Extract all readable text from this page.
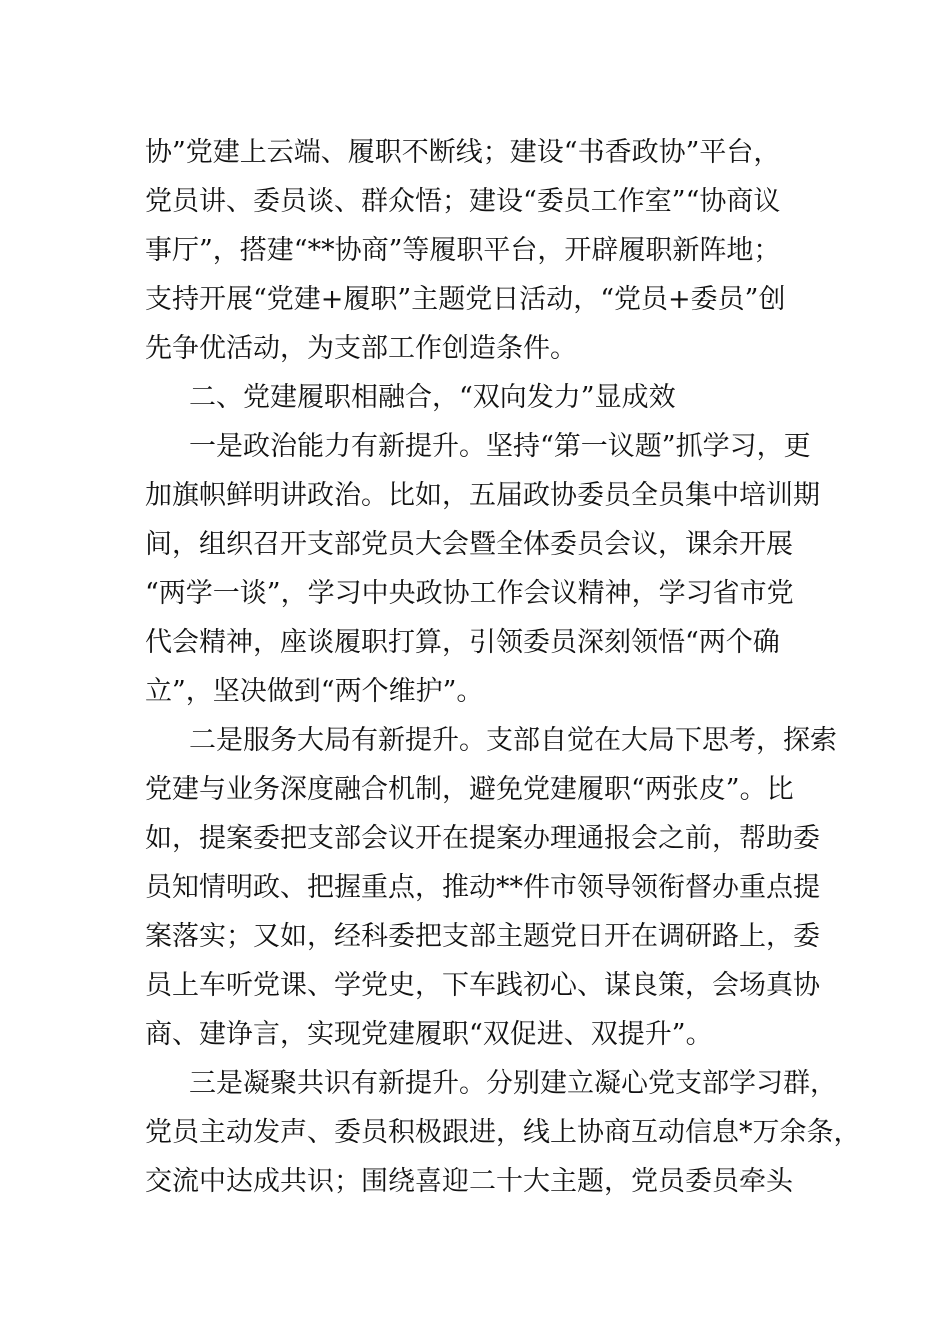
协”党建上云端、履职不断线；建设“书香政协”平台，
党员讲、委员谈、群众悟；建设“委员工作室”“协商议
事厅”，搭建“**协商”等履职平台，开辟履职新阵地；
支持开展“党建+履职”主题党日活动，“党员+委员”创
先争优活动，为支部工作创造条件。
二、党建履职相融合，“双向发力”显成效
一是政治能力有新提升。坚持“第一议题”抓学习，更
加旗帜鲜明讲政治。比如，五届政协委员全员集中培训期
间，组织召开支部党员大会暨全体委员会议，课余开展
“两学一谈”，学习中央政协工作会议精神，学习省市党
代会精神，座谈履职打算，引领委员深刻领悟“两个确
立”，坚决做到“两个维护”。
二是服务大局有新提升。支部自觉在大局下思考，探索
党建与业务深度融合机制，避免党建履职“两张皮”。比
如，提案委把支部会议开在提案办理通报会之前，帮助委
员知情明政、把握重点，推动**件市领导领衔督办重点提
案落实；又如，经科委把支部主题党日开在调研路上，委
员上车听党课、学党史，下车践初心、谋良策，会场真协
商、建诤言，实现党建履职“双促进、双提升”。
三是凝聚共识有新提升。分别建立凝心党支部学习群，
党员主动发声、委员积极跟进，线上协商互动信息*万余条，
交流中达成共识；围绕喜迎二十大主题，党员委员牵头
